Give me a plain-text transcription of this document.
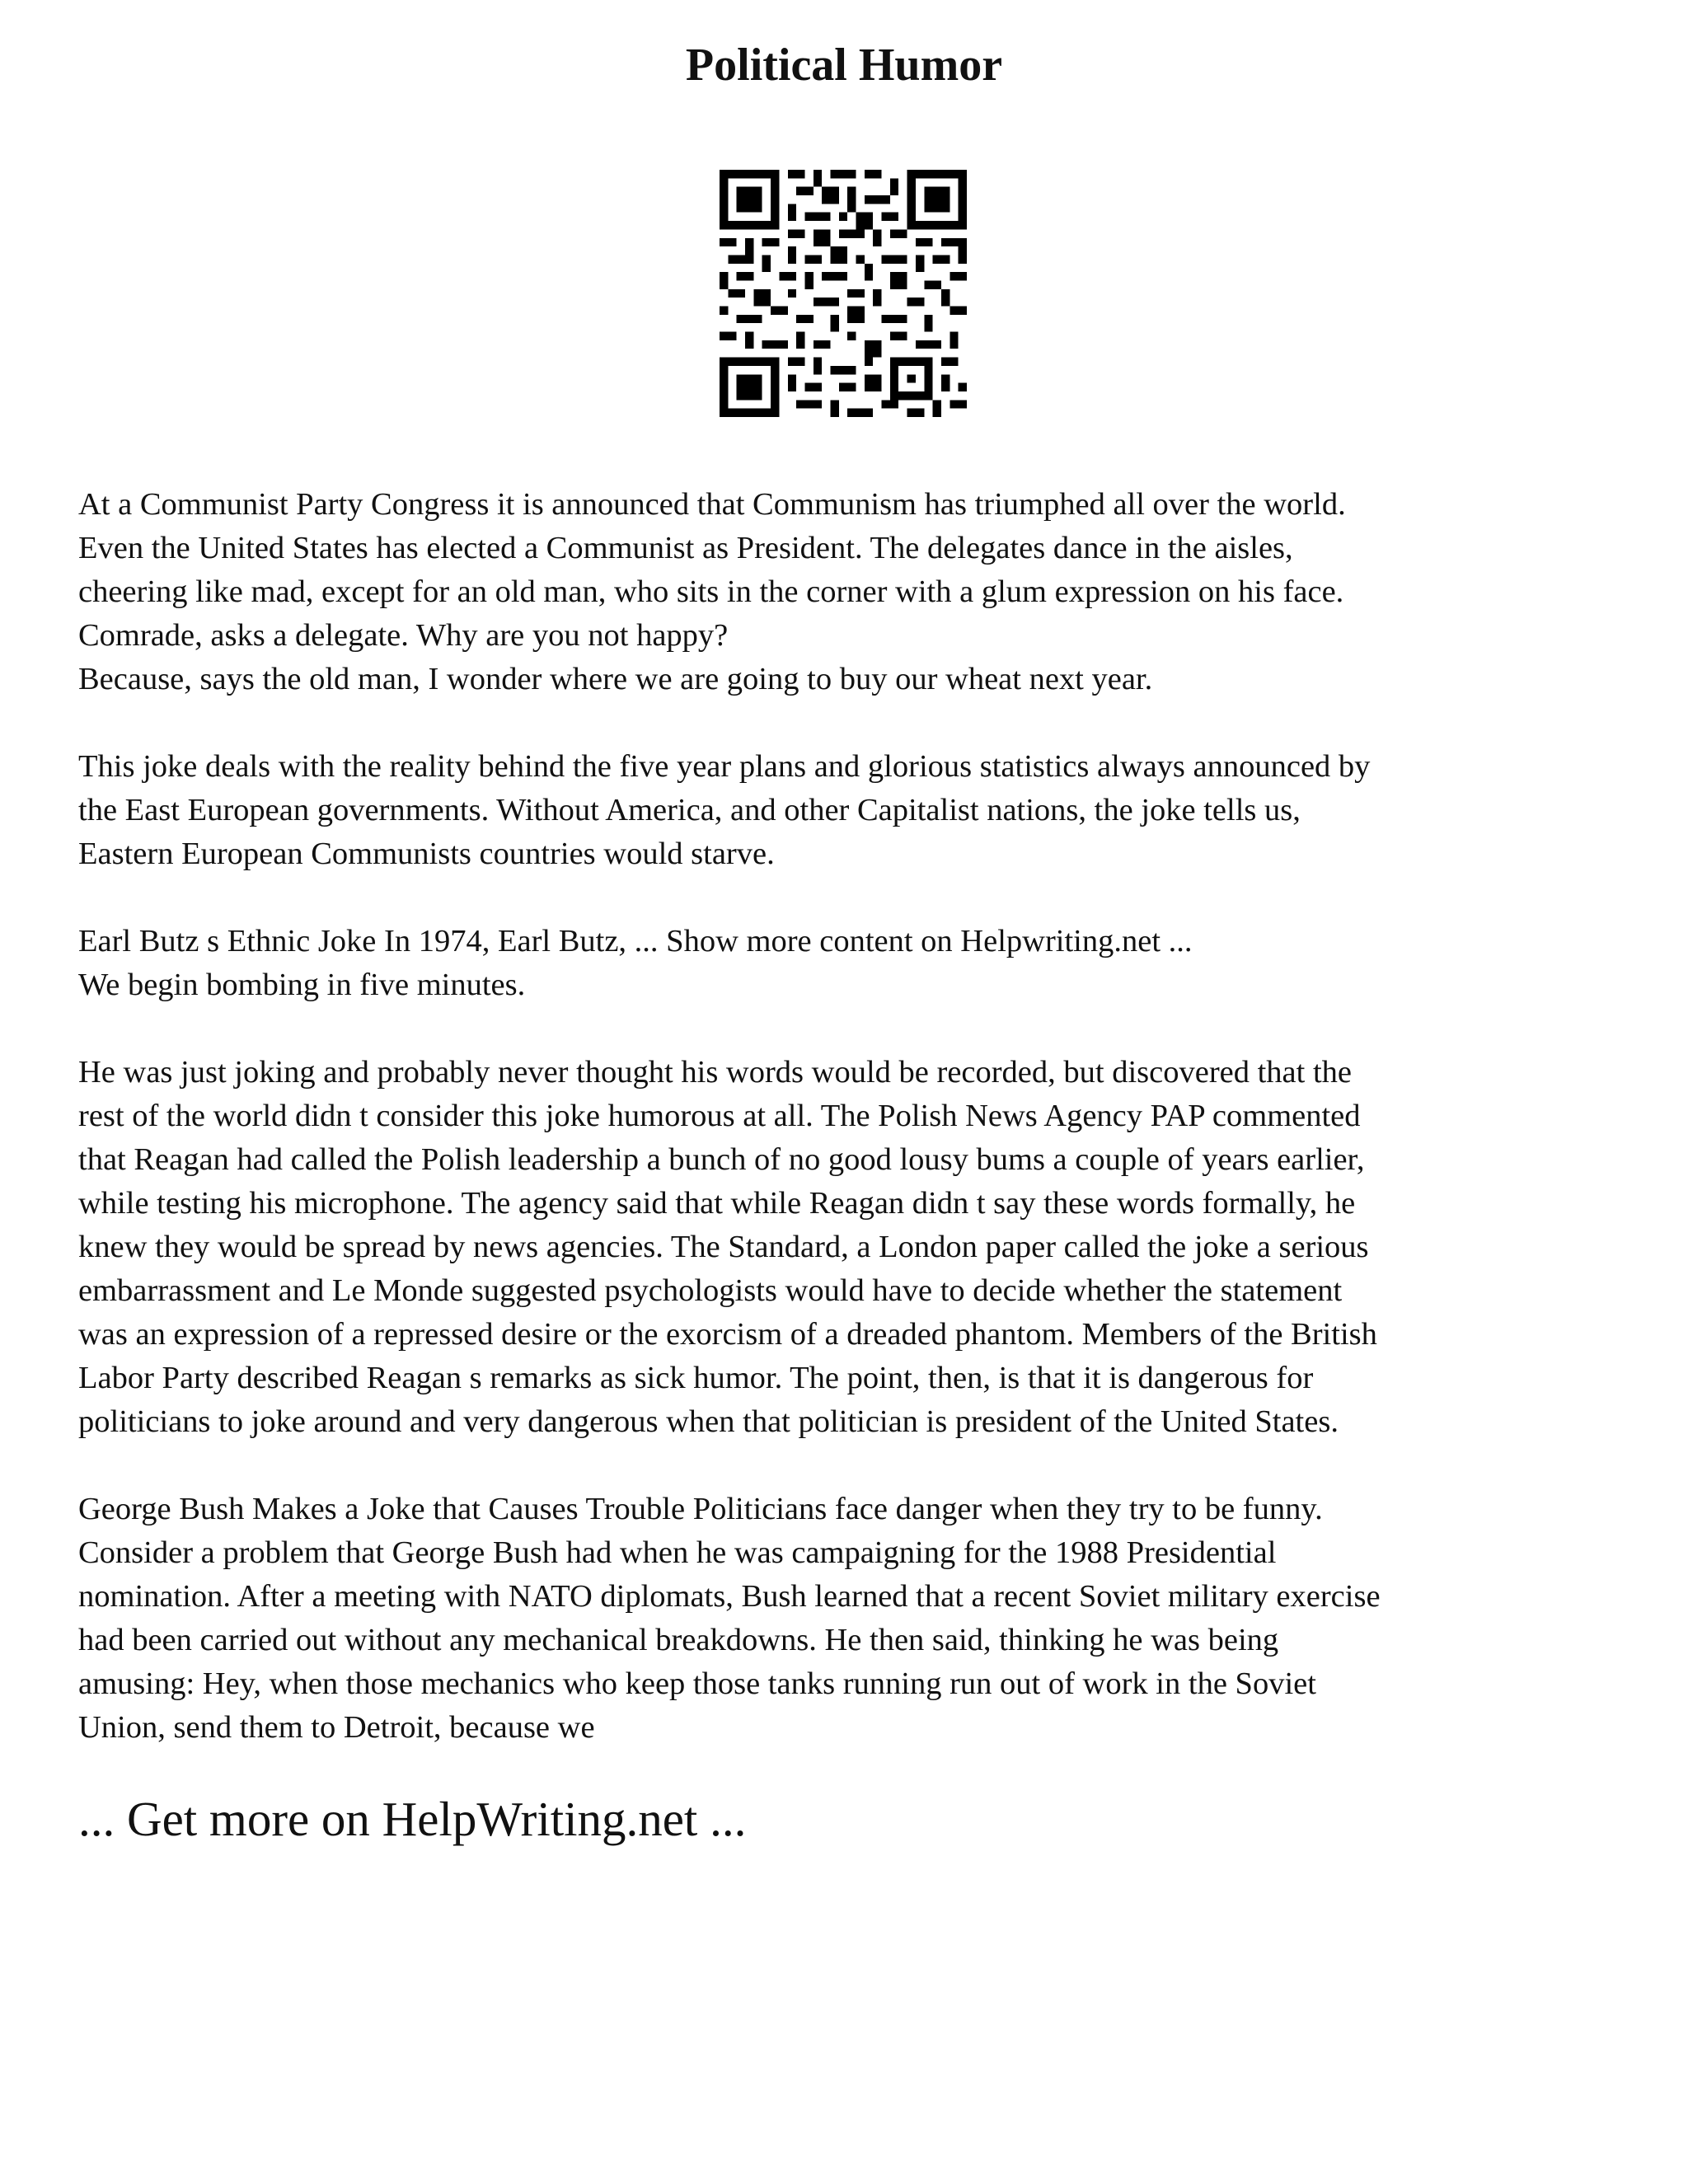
Political Humor

At a Communist Party Congress it is announced that Communism has triumphed all over the world.
Even the United States has elected a Communist as President. The delegates dance in the aisles,
cheering like mad, except for an old man, who sits in the corner with a glum expression on his face.
Comrade, asks a delegate. Why are you not happy?
Because, says the old man, I wonder where we are going to buy our wheat next year.

This joke deals with the reality behind the five year plans and glorious statistics always announced by
the East European governments. Without America, and other Capitalist nations, the joke tells us,
Eastern European Communists countries would starve.

Earl Butz s Ethnic Joke In 1974, Earl Butz, ... Show more content on Helpwriting.net ...
We begin bombing in five minutes.

He was just joking and probably never thought his words would be recorded, but discovered that the
rest of the world didn t consider this joke humorous at all. The Polish News Agency PAP commented
that Reagan had called the Polish leadership a bunch of no good lousy bums a couple of years earlier,
while testing his microphone. The agency said that while Reagan didn t say these words formally, he
knew they would be spread by news agencies. The Standard, a London paper called the joke a serious
embarrassment and Le Monde suggested psychologists would have to decide whether the statement
was an expression of a repressed desire or the exorcism of a dreaded phantom. Members of the British
Labor Party described Reagan s remarks as sick humor. The point, then, is that it is dangerous for
politicians to joke around and very dangerous when that politician is president of the United States.

George Bush Makes a Joke that Causes Trouble Politicians face danger when they try to be funny.
Consider a problem that George Bush had when he was campaigning for the 1988 Presidential
nomination. After a meeting with NATO diplomats, Bush learned that a recent Soviet military exercise
had been carried out without any mechanical breakdowns. He then said, thinking he was being
amusing: Hey, when those mechanics who keep those tanks running run out of work in the Soviet
Union, send them to Detroit, because we

... Get more on HelpWriting.net ...
